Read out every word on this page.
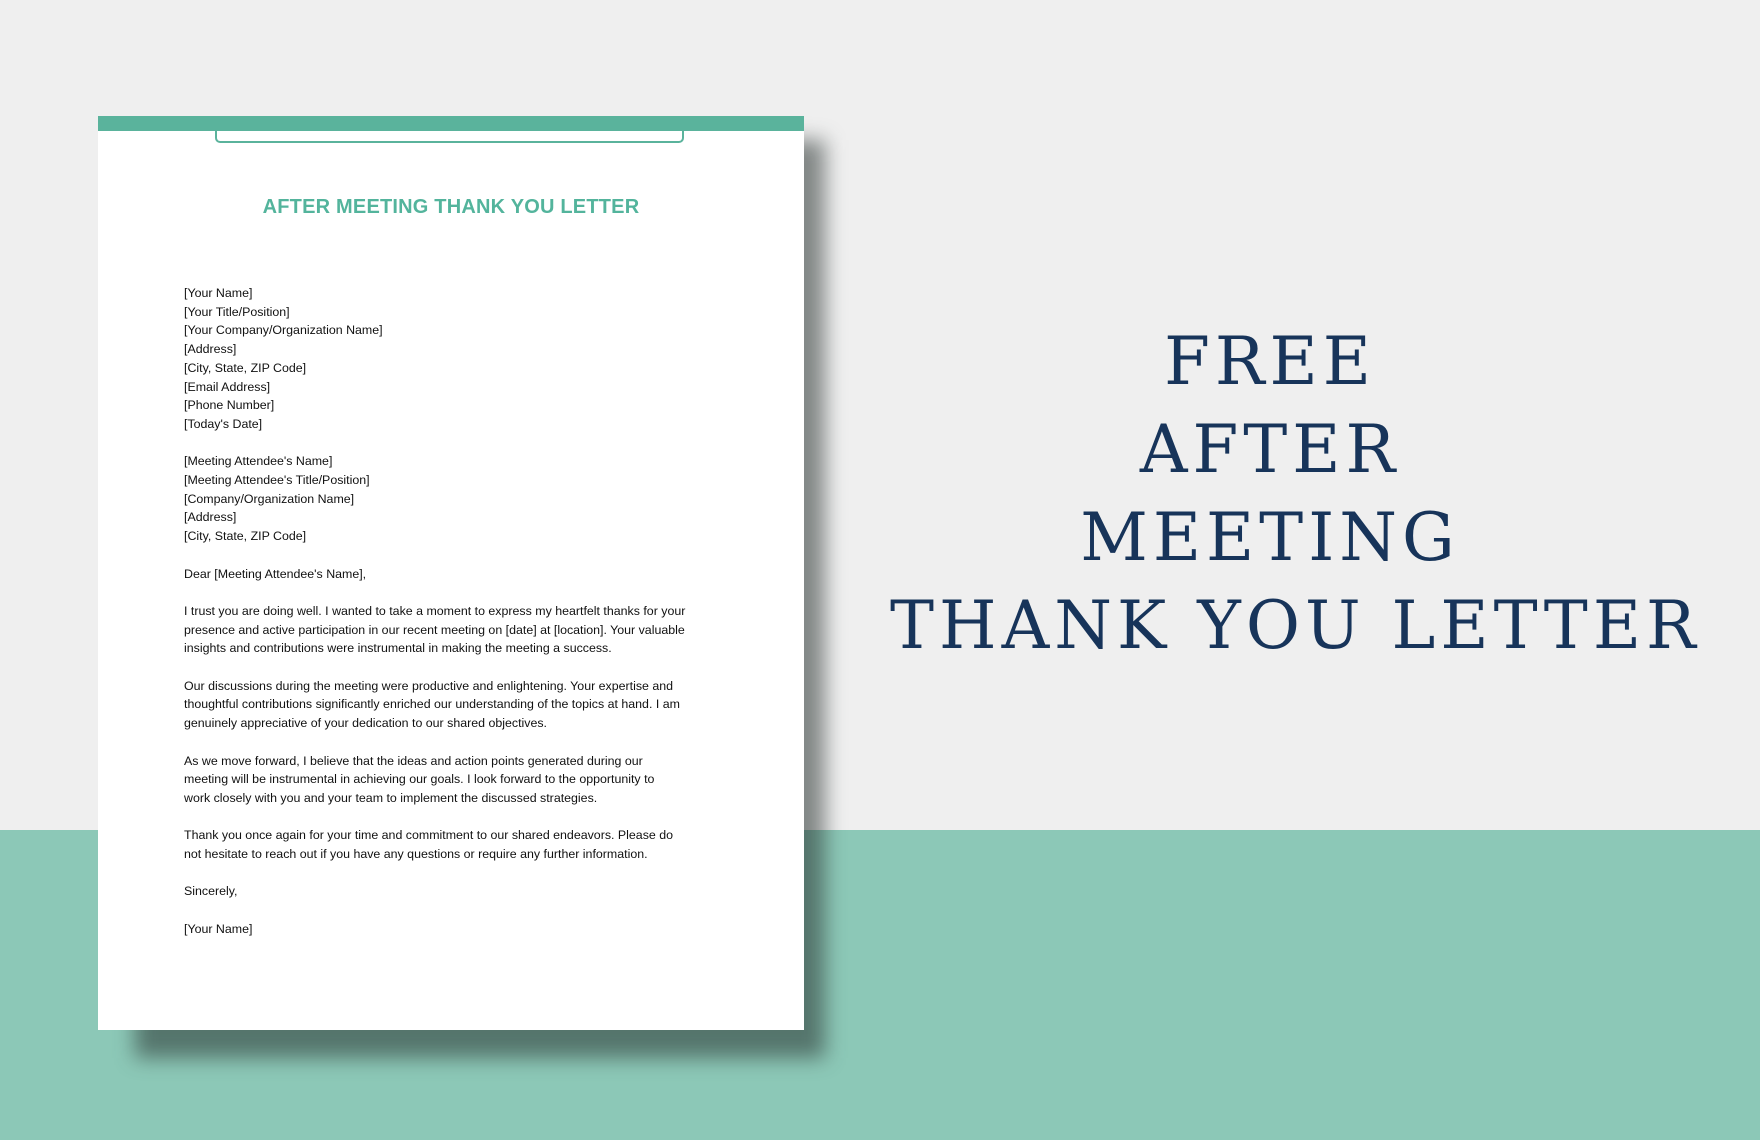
AFTER MEETING THANK YOU LETTER
[Your Name]
[Your Title/Position]
[Your Company/Organization Name]
[Address]
[City, State, ZIP Code]
[Email Address]
[Phone Number]
[Today's Date]
[Meeting Attendee's Name]
[Meeting Attendee's Title/Position]
[Company/Organization Name]
[Address]
[City, State, ZIP Code]

Dear [Meeting Attendee's Name],

I trust you are doing well. I wanted to take a moment to express my heartfelt thanks for your
presence and active participation in our recent meeting on [date] at [location]. Your valuable
insights and contributions were instrumental in making the meeting a success.

Our discussions during the meeting were productive and enlightening. Your expertise and
thoughtful contributions significantly enriched our understanding of the topics at hand. I am
genuinely appreciative of your dedication to our shared objectives.

As we move forward, I believe that the ideas and action points generated during our
meeting will be instrumental in achieving our goals. I look forward to the opportunity to
work closely with you and your team to implement the discussed strategies.

Thank you once again for your time and commitment to our shared endeavors. Please do
not hesitate to reach out if you have any questions or require any further information.

Sincerely,

[Your Name]

FREE
AFTER
MEETING
THANK YOU LETTER
